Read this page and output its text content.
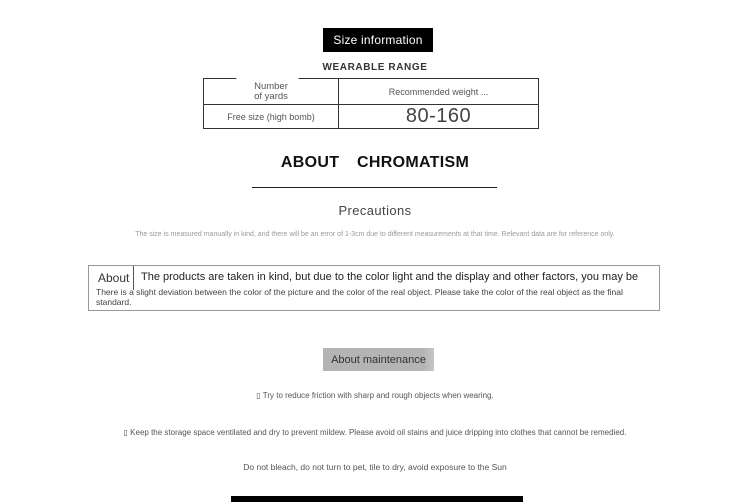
Size information
WEARABLE RANGE
Number
of yards	Recommended weight ...
Free size (high bomb)	80-160
ABOUT CHROMATISM
Precautions
The size is measured manually in kind, and there will be an error of 1-3cm due to different measurements at that time. Relevant data are for reference only.
About The products are taken in kind, but due to the color light and the display and other factors, you may be
There is a slight deviation between the color of the picture and the color of the real object. Please take the color of the real object as the final standard.
About maintenance
▯ Try to reduce friction with sharp and rough objects when wearing.
▯ Keep the storage space ventilated and dry to prevent mildew. Please avoid oil stains and juice dripping into clothes that cannot be remedied.
Do not bleach, do not turn to pet, tile to dry, avoid exposure to the Sun
